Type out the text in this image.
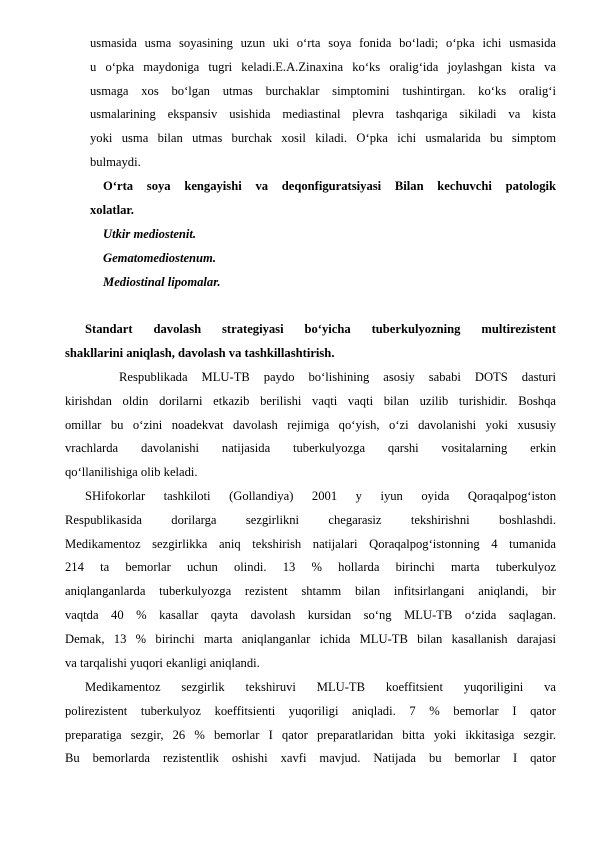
usmasida usma soyasining uzun uki o‘rta soya fonida bo‘ladi; o‘pka ichi usmasida
u o‘pka maydoniga tugri keladi.E.A.Zinaxina ko‘ks oralig‘ida joylashgan kista va
usmaga xos bo‘lgan utmas burchaklar simptomini tushintirgan. ko‘ks oralig‘i
usmalarining ekspansiv usishida mediastinal plevra tashqariga sikiladi va kista
yoki usma bilan utmas burchak xosil kiladi. O‘pka ichi usmalarida bu simptom
bulmaydi.
O‘rta soya kengayishi va deqonfiguratsiyasi Bilan kechuvchi patologik
xolatlar.
Utkir mediostenit.
Gematomediostenum.
Mediostinal lipomalar.
Standart davolash strategiyasi bo‘yicha tuberkulyozning multirezistent
shakllarini aniqlash, davolash va tashkillashtirish.
Respublikada MLU-TB paydo bo‘lishining asosiy sababi DOTS dasturi
kirishdan oldin dorilarni etkazib berilishi vaqti vaqti bilan uzilib turishidir. Boshqa
omillar bu o‘zini noadekvat davolash rejimiga qo‘yish, o‘zi davolanishi yoki xususiy
vrachlarda davolanishi natijasida tuberkulyozga qarshi vositalarning erkin
qo‘llanilishiga olib keladi.
SHifokorlar tashkiloti (Gollandiya) 2001 y iyun oyida Qoraqalpog‘iston
Respublikasida dorilarga sezgirlikni chegarasiz tekshirishni boshlashdi.
Medikamentoz sezgirlikka aniq tekshirish natijalari Qoraqalpog‘istonning 4 tumanida
214 ta bemorlar uchun olindi. 13 % hollarda birinchi marta tuberkulyoz
aniqlanganlarda tuberkulyozga rezistent shtamm bilan infitsirlangani aniqlandi, bir
vaqtda 40 % kasallar qayta davolash kursidan so‘ng MLU-TB o‘zida saqlagan.
Demak, 13 % birinchi marta aniqlanganlar ichida MLU-TB bilan kasallanish darajasi
va tarqalishi yuqori ekanligi aniqlandi.
Medikamentoz sezgirlik tekshiruvi MLU-TB koeffitsient yuqoriligini va
polirezistent tuberkulyoz koeffitsienti yuqoriligi aniqladi. 7 % bemorlar I qator
preparatiga sezgir, 26 % bemorlar I qator preparatlaridan bitta yoki ikkitasiga sezgir.
Bu bemorlarda rezistentlik oshishi xavfi mavjud. Natijada bu bemorlar I qator
